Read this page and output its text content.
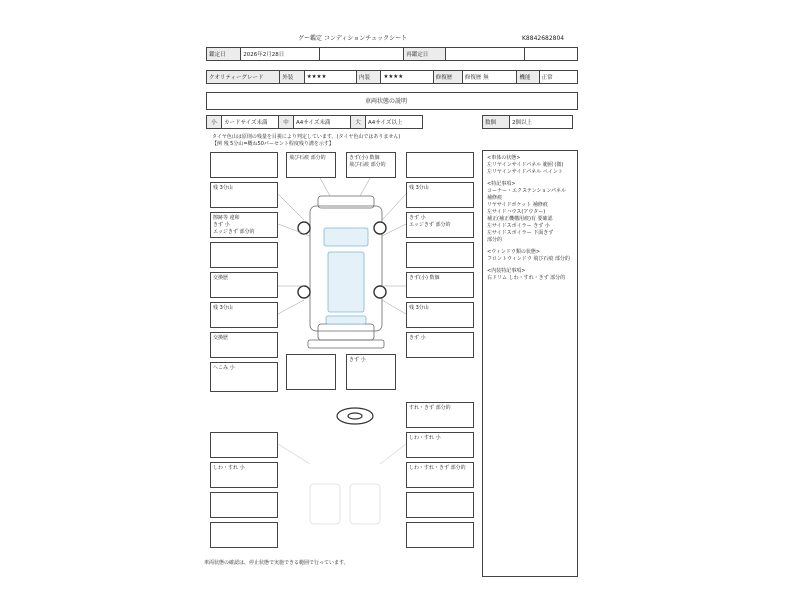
グー鑑定 コンディションチェックシート	K8842682804
鑑定日	2026年2月28日		再鑑定日		
クオリティーグレード	外装	★★★★	内装	★★★★	修復歴	修復歴 無	機能	正常
車両状態の説明
小	カードサイズ未満	中	A4サイズ未満	大	A4サイズ以上	数個	2個以上
タイヤ色山は原則の残量を目視により判定しています。(タイヤ色山ではありません)
【例 残 5分山=概ね50パーセント程度残り溝を示す】
残 3分山
擦跡等 違和
きず 小
エッジきず 部分的
交換歴
残 3分山
交換歴
へこみ 小
飛び石痕 部分的	きず(小) 数個
飛び石痕 部分的
きず 小
残 3分山
きず 小
エッジきず 部分的
きず(小) 数個
残 3分山
きず 小
すれ・きず 部分的
しわ・すれ 小
しわ・すれ・きず 部分的
しわ・すれ 小
<車体の状態>
左リヤインサイドパネル 範囲 (微)
左リヤインサイドパネル ペイント
<特記事項>
コーナー・エクステンションパネル
補修痕
リヤサイドポケット 補修痕
左サイドハウス(アウター)
補正(補正機構用痕)有 要確認
左サイドスポイラー きず 小
左サイドスポイラー 下面きず
部分的
<ウィンドウ類の状態>
フロントウィンドウ 飛び石痕 部分的
<内装特記事項>
右ドリム しわ・すれ・きず 部分的
車両状態の確認は、停止状態で実施できる範囲で行っています。
